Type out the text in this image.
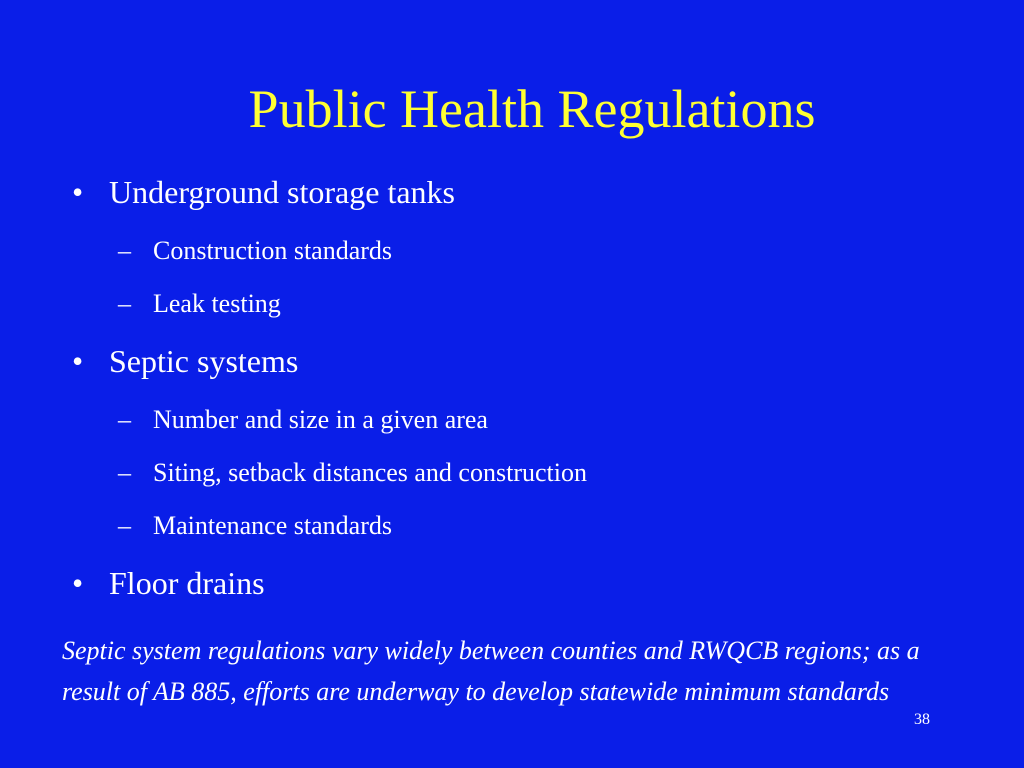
Public Health Regulations
• Underground storage tanks
– Construction standards
– Leak testing
• Septic systems
– Number and size in a given area
– Siting, setback distances and construction
– Maintenance standards
• Floor drains

Septic system regulations vary widely between counties and RWQCB regions; as a result of AB 885, efforts are underway to develop statewide minimum standards

38
